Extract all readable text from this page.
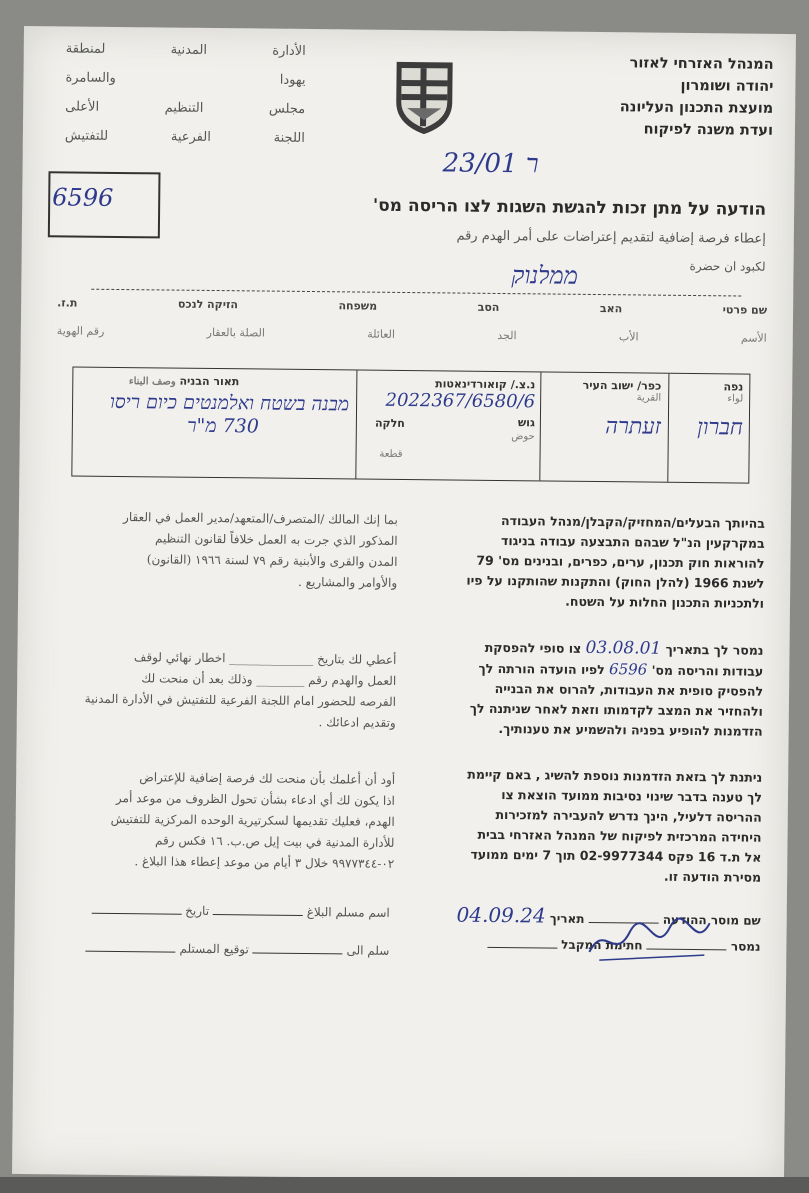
המנהל האזרחי לאזור
יהודה ושומרון
מועצת התכנון העליונה
ועדת משנה לפיקוח
الأدارة
المدنية
لمنطقة
يهودا
والسامرة
مجلس
التنظيم
الأعلى
اللجنة
الفرعية
للتفتيش
ר 23/01
6596	הודעה על מתן זכות להגשת השגות לצו הריסה מס'
إعطاء فرصة إضافية لتقديم إعتراضات على أمر الهدم رقم
لكبود ان حضرة
ממלנוק
שם פרטי
האב
הסב
משפחה
הזיקה לנכס
ת.ז.
الأسم
الأب
الجد
العائلة
الصلة بالعقار
رقم الهوية
נפה
لواء
חברון
כפר/ ישוב העיר
القرية
זעתרה
נ.צ./ קואורדינאטות
2022367/6580/6
גוש
חלקה
حوض
قطعة
תאור הבניה وصف البناء
מבנה בשטח ואלמנטים כיום ריסו
730 מ"ר
בהיותך הבעלים/המחזיק/הקבלן/מנהל העבודה
במקרקעין הנ"ל שבהם התבצעה עבודה בניגוד
להוראות חוק תכנון, ערים, כפרים, ובנינים מס' 79
לשנת 1966 (להלן החוק) והתקנות שהותקנו על פיו
ולתכניות התכנון החלות על השטח.
بما إنك المالك /المتصرف/المتعهد/مدير العمل في العقار
المذكور الذي جرت به العمل خلافاً لقانون التنظيم
المدن والقرى والأبنية رقم ٧٩ لسنة ١٩٦٦ (القانون)
والأوامر والمشاريع .
נמסר לך בתאריך 03.08.01 צו סופי להפסקת
עבודות והריסה מס' 6596 לפיו הועדה הורתה לך
להפסיק סופית את העבודות, להרוס את הבנייה
ולהחזיר את המצב לקדמותו וזאת לאחר שניתנה לך
הזדמנות להופיע בפניה ולהשמיע את טענותיך.
أعطي لك بتاريخ ______________ اخطار نهائي لوقف
العمل والهدم رقم ________ وذلك بعد أن منحت لك
الفرصه للحضور امام اللجنة الفرعية للتفتيش في الأدارة المدنية
وتقديم ادعائك .
ניתנת לך בזאת הזדמנות נוספת להשיג , באם קיימת
לך טענה בדבר שינוי נסיבות ממועד הוצאת צו
ההריסה דלעיל, הינך נדרש להעבירה למזכירות
היחידה המרכזית לפיקוח של המנהל האזרחי בבית
אל ת.ד 16 פקס 02-9977344 תוך 7 ימים ממועד
מסירת הודעה זו.
أود أن أعلمك بأن منحت لك فرصة إضافية للإعتراض
اذا يكون لك أي ادعاء بشأن تحول الظروف من موعد أمر
الهدم، فعليك تقديمها لسكرتيرية الوحده المركزية للتفتيش
للأدارة المدنية في بيت إيل ص.ب. ١٦ فكس رقم
٠٢-٩٩٧٧٣٤٤ خلال ٣ أيام من موعد إعطاء هذا البلاغ .
שם מוסר ההודעה  תאריך 04.09.24
נמסר  חתימת המקבל
اسم مسلم البلاغ  تاريخ
سلم الى  توقيع المستلم
